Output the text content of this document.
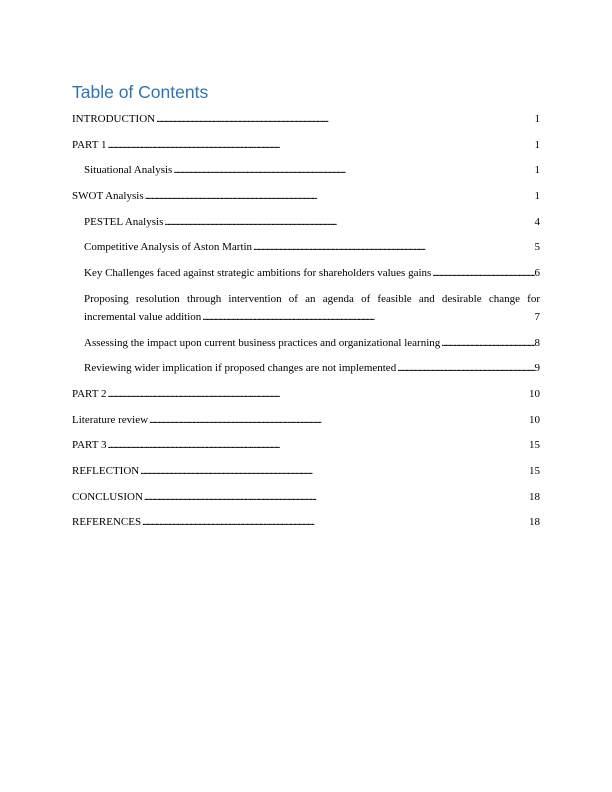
Table of Contents
INTRODUCTION . . .	1
PART 1 . . .	1
Situational Analysis . . .	1
SWOT Analysis . . .	1
PESTEL Analysis . . .	4
Competitive Analysis of Aston Martin . . .	5
Key Challenges faced against strategic ambitions for shareholders values gains . . .	6
Proposing resolution through intervention of an agenda of feasible and desirable change for
incremental value addition . . .	7
Assessing the impact upon current business practices and organizational learning . . .	8
Reviewing wider implication if proposed changes are not implemented . . .	9
PART 2 . . .	10
Literature review . . .	10
PART 3 . . .	15
REFLECTION . . .	15
CONCLUSION . . .	18
REFERENCES . . .	18
